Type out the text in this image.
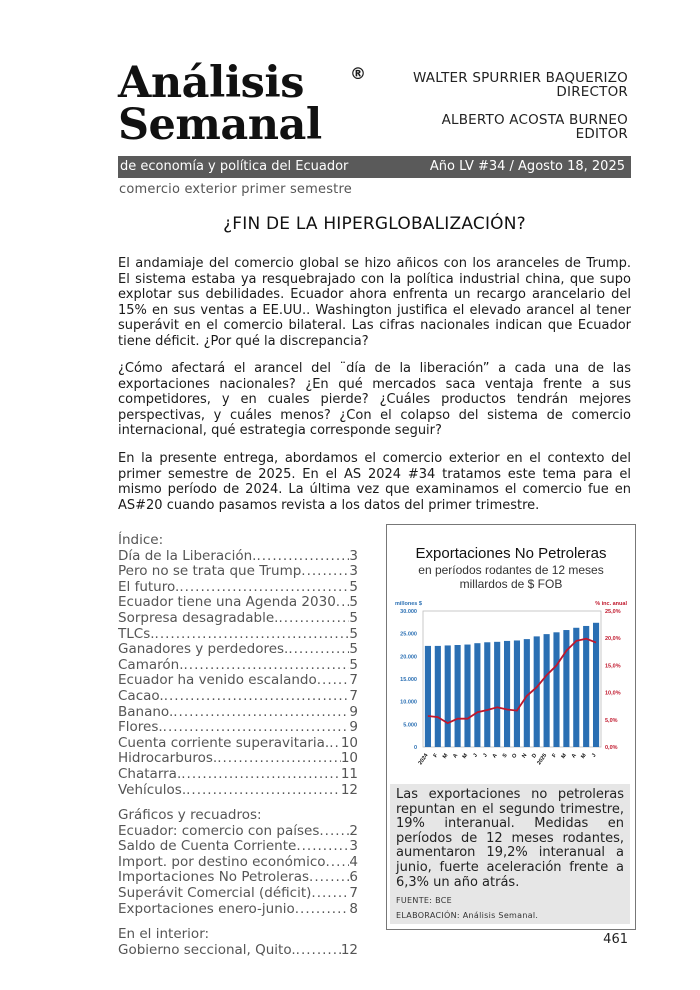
Análisis
Semanal
®	WALTER SPURRIER BAQUERIZO
DIRECTOR
ALBERTO ACOSTA BURNEO
EDITOR
de economía y política del Ecuador	Año LV #34 / Agosto 18, 2025
comercio exterior primer semestre
¿FIN DE LA HIPERGLOBALIZACIÓN?

El andamiaje del comercio global se hizo añicos con los aranceles de Trump. El sistema estaba ya resquebrajado con la política industrial china, que supo explotar sus debilidades. Ecuador ahora enfrenta un recargo arancelario del 15% en sus ventas a EE.UU.. Washington justifica el elevado arancel al tener superávit en el comercio bilateral. Las cifras nacionales indican que Ecuador tiene déficit. ¿Por qué la discrepancia?

¿Cómo afectará el arancel del ¨día de la liberación” a cada una de las exportaciones nacionales? ¿En qué mercados saca ventaja frente a sus competidores, y en cuales pierde? ¿Cuáles productos tendrán mejores perspectivas, y cuáles menos? ¿Con el colapso del sistema de comercio internacional, qué estrategia corresponde seguir?

En la presente entrega, abordamos el comercio exterior en el contexto del primer semestre de 2025. En el AS 2024 #34 tratamos este tema para el mismo período de 2024. La última vez que examinamos el comercio fue en AS#20 cuando pasamos revista a los datos del primer trimestre.

Índice:
Día de la Liberación. .....	3
Pero no se trata que Trump .....	3
El futuro. .....	5
Ecuador tiene una Agenda 2030 ..... 5
Sorpresa desagradable. .....	5
TLCs. .....	5
Ganadores y perdedores. .....	5
Camarón. .....	5
Ecuador ha venido escalando ..... 7
Cacao. .....	7
Banano. .....	9
Flores. .....	9
Cuenta corriente superavitaria. ..... 10
Hidrocarburos. .....	10
Chatarra. .....	11
Vehículos. .....	12
Gráficos y recuadros:
Ecuador: comercio con países ..... 2
Saldo de Cuenta Corriente .....	3
Import. por destino económico ..... 4
Importaciones No Petroleras .....	6
Superávit Comercial (déficit) .....	7
Exportaciones enero-junio .....	8
En el interior:
Gobierno seccional, Quito. .....	12
Exportaciones No Petroleras
en períodos rodantes de 12 meses
millardos de $ FOB
millones $	% inc. anual
0
5.000
10.000
15.000
20.000
25.000
30.000
0,0%
5,0%
10,0%
15,0%
20,0%
25,0%
2024 F M A M J J A S O N D
2025 F M A M J

Las exportaciones no petroleras repuntan en el segundo trimestre, 19% interanual. Medidas en períodos de 12 meses rodantes, aumentaron 19,2% interanual a junio, fuerte aceleración frente a 6,3% un año atrás.

FUENTE: BCE
ELABORACIÓN: Análisis Semanal.
461
